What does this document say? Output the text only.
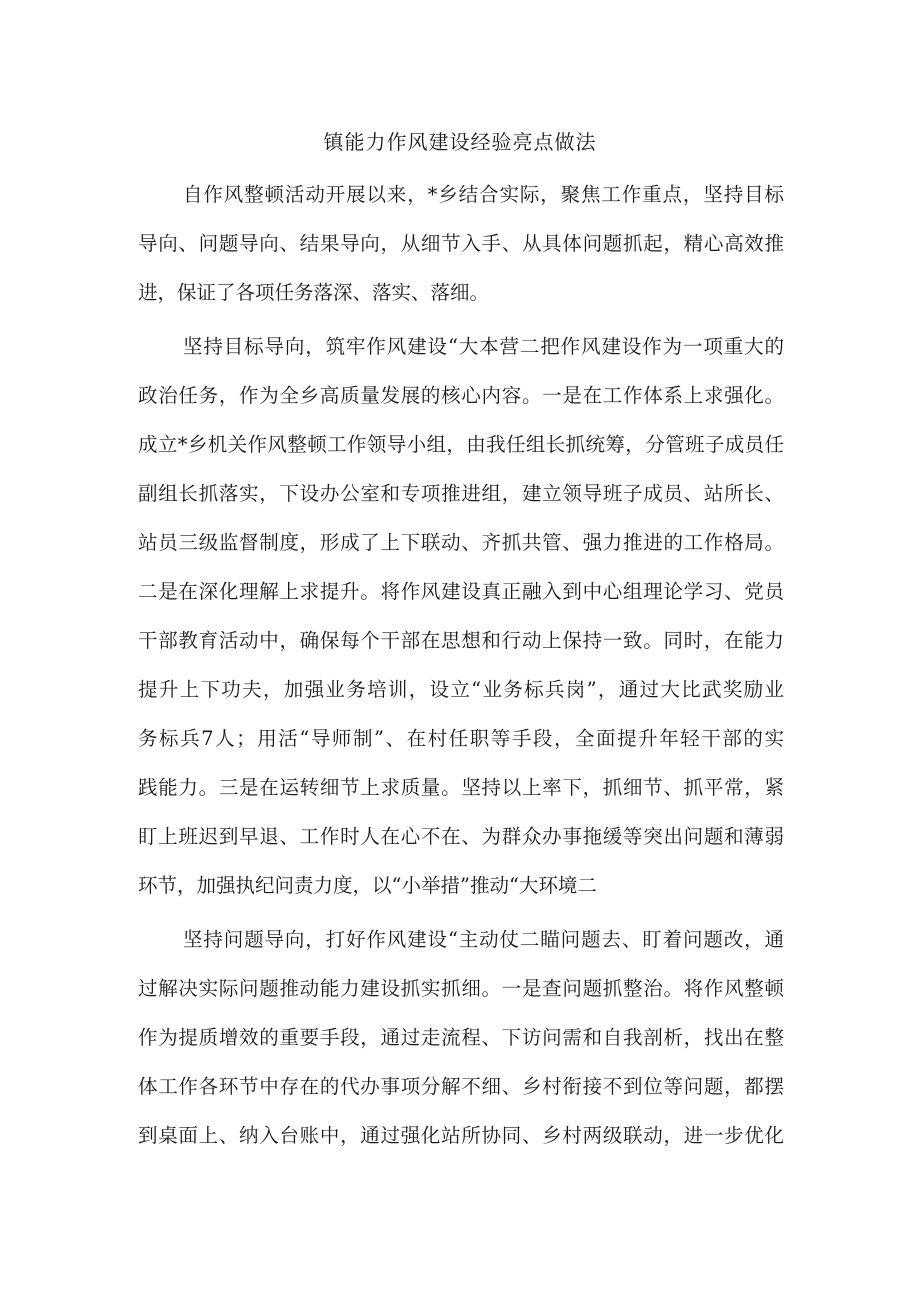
镇能力作风建设经验亮点做法

自作风整顿活动开展以来，*乡结合实际，聚焦工作重点，坚持目标

导向、问题导向、结果导向，从细节入手、从具体问题抓起，精心高效推

进，保证了各项任务落深、落实、落细。

坚持目标导向，筑牢作风建设“大本营二把作风建设作为一项重大的

政治任务，作为全乡高质量发展的核心内容。一是在工作体系上求强化。

成立*乡机关作风整顿工作领导小组，由我任组长抓统筹，分管班子成员任

副组长抓落实，下设办公室和专项推进组，建立领导班子成员、站所长、

站员三级监督制度，形成了上下联动、齐抓共管、强力推进的工作格局。

二是在深化理解上求提升。将作风建设真正融入到中心组理论学习、党员

干部教育活动中，确保每个干部在思想和行动上保持一致。同时，在能力

提升上下功夫，加强业务培训，设立“业务标兵岗”，通过大比武奖励业

务标兵7人；用活“导师制”、在村任职等手段，全面提升年轻干部的实

践能力。三是在运转细节上求质量。坚持以上率下，抓细节、抓平常，紧

盯上班迟到早退、工作时人在心不在、为群众办事拖缓等突出问题和薄弱

环节，加强执纪问责力度，以“小举措”推动“大环境二

坚持问题导向，打好作风建设“主动仗二瞄问题去、盯着问题改，通

过解决实际问题推动能力建设抓实抓细。一是查问题抓整治。将作风整顿

作为提质增效的重要手段，通过走流程、下访问需和自我剖析，找出在整

体工作各环节中存在的代办事项分解不细、乡村衔接不到位等问题，都摆

到桌面上、纳入台账中，通过强化站所协同、乡村两级联动，进一步优化
